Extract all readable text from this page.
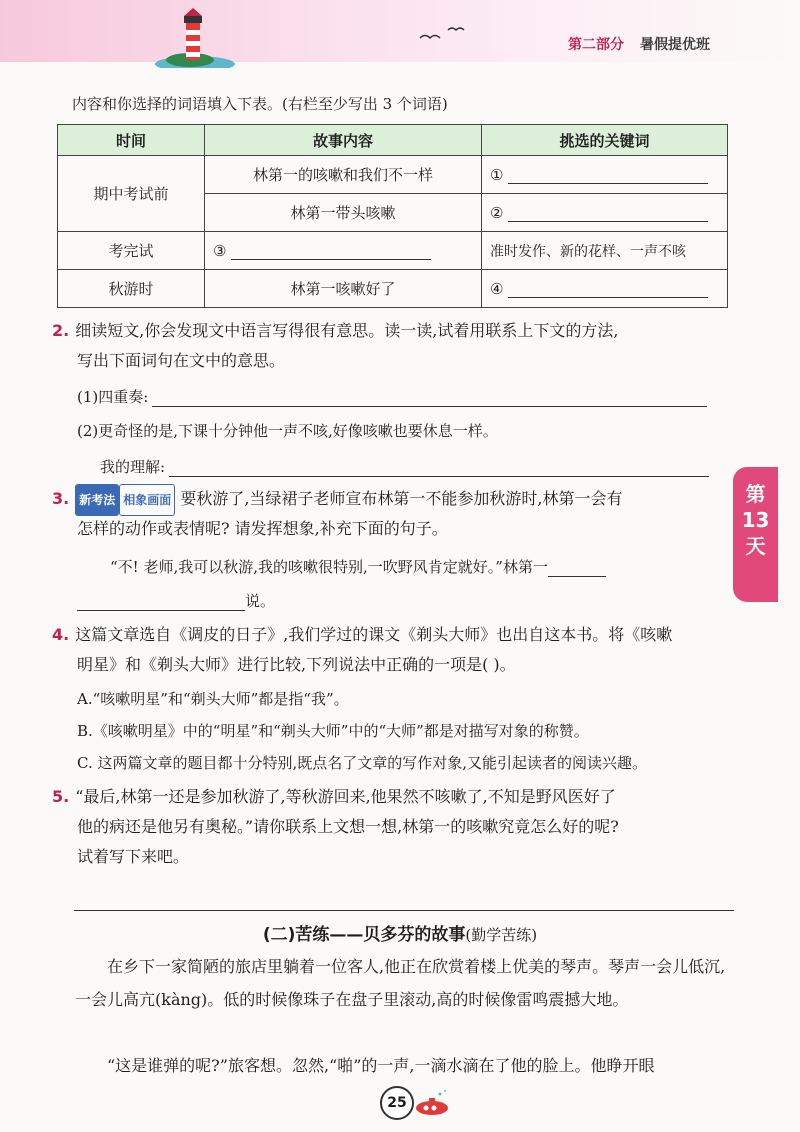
第二部分 暑假提优班
内容和你选择的词语填入下表。(右栏至少写出 3 个词语)
时间	故事内容	挑选的关键词
期中考试前	林第一的咳嗽和我们不一样	①
	林第一带头咳嗽	②
考完试	③	准时发作、新的花样、一声不咳
秋游时	林第一咳嗽好了	④
2. 细读短文,你会发现文中语言写得很有意思。读一读,试着用联系上下文的方法,
写出下面词句在文中的意思。
(1)四重奏:
(2)更奇怪的是,下课十分钟他一声不咳,好像咳嗽也要休息一样。
我的理解:
3. 新考法 相象画面 要秋游了,当绿裙子老师宣布林第一不能参加秋游时,林第一会有
怎样的动作或表情呢? 请发挥想象,补充下面的句子。
“不! 老师,我可以秋游,我的咳嗽很特别,一吹野风肯定就好。”林第一
说。
第
13
天
4. 这篇文章选自《调皮的日子》,我们学过的课文《剃头大师》也出自这本书。将《咳嗽
明星》和《剃头大师》进行比较,下列说法中正确的一项是( )。
A.“咳嗽明星”和“剃头大师”都是指“我”。
B.《咳嗽明星》中的“明星”和“剃头大师”中的“大师”都是对描写对象的称赞。
C. 这两篇文章的题目都十分特别,既点名了文章的写作对象,又能引起读者的阅读兴趣。
5. “最后,林第一还是参加秋游了,等秋游回来,他果然不咳嗽了,不知是野风医好了
他的病还是他另有奥秘。”请你联系上文想一想,林第一的咳嗽究竟怎么好的呢?
试着写下来吧。
(二)苦练——贝多芬的故事(勤学苦练)
在乡下一家简陋的旅店里躺着一位客人,他正在欣赏着楼上优美的琴声。琴声一会儿低沉,一会儿高亢(kàng)。低的时候像珠子在盘子里滚动,高的时候像雷鸣震撼大地。
“这是谁弹的呢?”旅客想。忽然,“啪”的一声,一滴水滴在了他的脸上。他睁开眼
25
